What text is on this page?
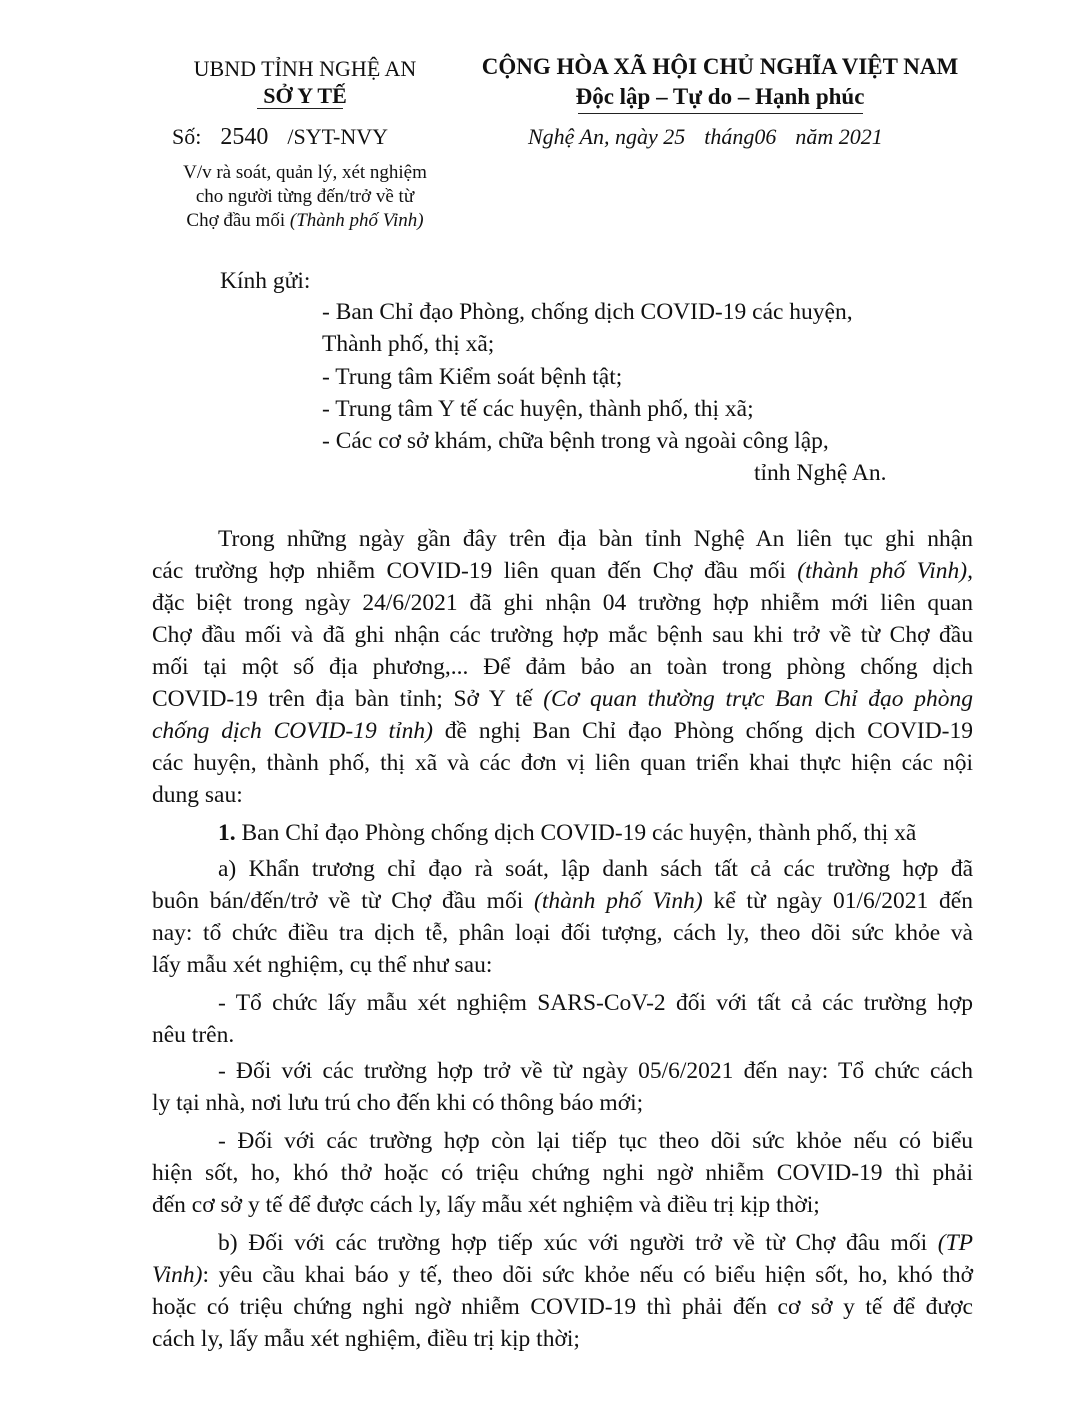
UBND TỈNH NGHỆ AN
SỞ Y TẾ
Số: 2540 /SYT-NVY
V/v rà soát, quản lý, xét nghiệm
cho người từng đến/trở về từ
Chợ đầu mối (Thành phố Vinh)
CỘNG HÒA XÃ HỘI CHỦ NGHĨA VIỆT NAM
Độc lập – Tự do – Hạnh phúc
Nghệ An, ngày 25 tháng06 năm 2021
Kính gửi:
- Ban Chỉ đạo Phòng, chống dịch COVID-19 các huyện,
Thành phố, thị xã;
- Trung tâm Kiểm soát bệnh tật;
- Trung tâm Y tế các huyện, thành phố, thị xã;
- Các cơ sở khám, chữa bệnh trong và ngoài công lập,
tỉnh Nghệ An.
Trong những ngày gần đây trên địa bàn tỉnh Nghệ An liên tục ghi nhận
các trường hợp nhiễm COVID-19 liên quan đến Chợ đầu mối (thành phố Vinh),
đặc biệt trong ngày 24/6/2021 đã ghi nhận 04 trường hợp nhiễm mới liên quan
Chợ đầu mối và đã ghi nhận các trường hợp mắc bệnh sau khi trở về từ Chợ đầu
mối tại một số địa phương,... Để đảm bảo an toàn trong phòng chống dịch
COVID-19 trên địa bàn tỉnh; Sở Y tế (Cơ quan thường trực Ban Chỉ đạo phòng
chống dịch COVID-19 tỉnh) đề nghị Ban Chỉ đạo Phòng chống dịch COVID-19
các huyện, thành phố, thị xã và các đơn vị liên quan triển khai thực hiện các nội
dung sau:
1. Ban Chỉ đạo Phòng chống dịch COVID-19 các huyện, thành phố, thị xã
a) Khẩn trương chỉ đạo rà soát, lập danh sách tất cả các trường hợp đã
buôn bán/đến/trở về từ Chợ đầu mối (thành phố Vinh) kể từ ngày 01/6/2021 đến
nay: tổ chức điều tra dịch tễ, phân loại đối tượng, cách ly, theo dõi sức khỏe và
lấy mẫu xét nghiệm, cụ thể như sau:
- Tổ chức lấy mẫu xét nghiệm SARS-CoV-2 đối với tất cả các trường hợp
nêu trên.
- Đối với các trường hợp trở về từ ngày 05/6/2021 đến nay: Tổ chức cách
ly tại nhà, nơi lưu trú cho đến khi có thông báo mới;
- Đối với các trường hợp còn lại tiếp tục theo dõi sức khỏe nếu có biểu
hiện sốt, ho, khó thở hoặc có triệu chứng nghi ngờ nhiễm COVID-19 thì phải
đến cơ sở y tế để được cách ly, lấy mẫu xét nghiệm và điều trị kịp thời;
b) Đối với các trường hợp tiếp xúc với người trở về từ Chợ đâu mối (TP
Vinh): yêu cầu khai báo y tế, theo dõi sức khỏe nếu có biểu hiện sốt, ho, khó thở
hoặc có triệu chứng nghi ngờ nhiễm COVID-19 thì phải đến cơ sở y tế để được
cách ly, lấy mẫu xét nghiệm, điều trị kịp thời;
